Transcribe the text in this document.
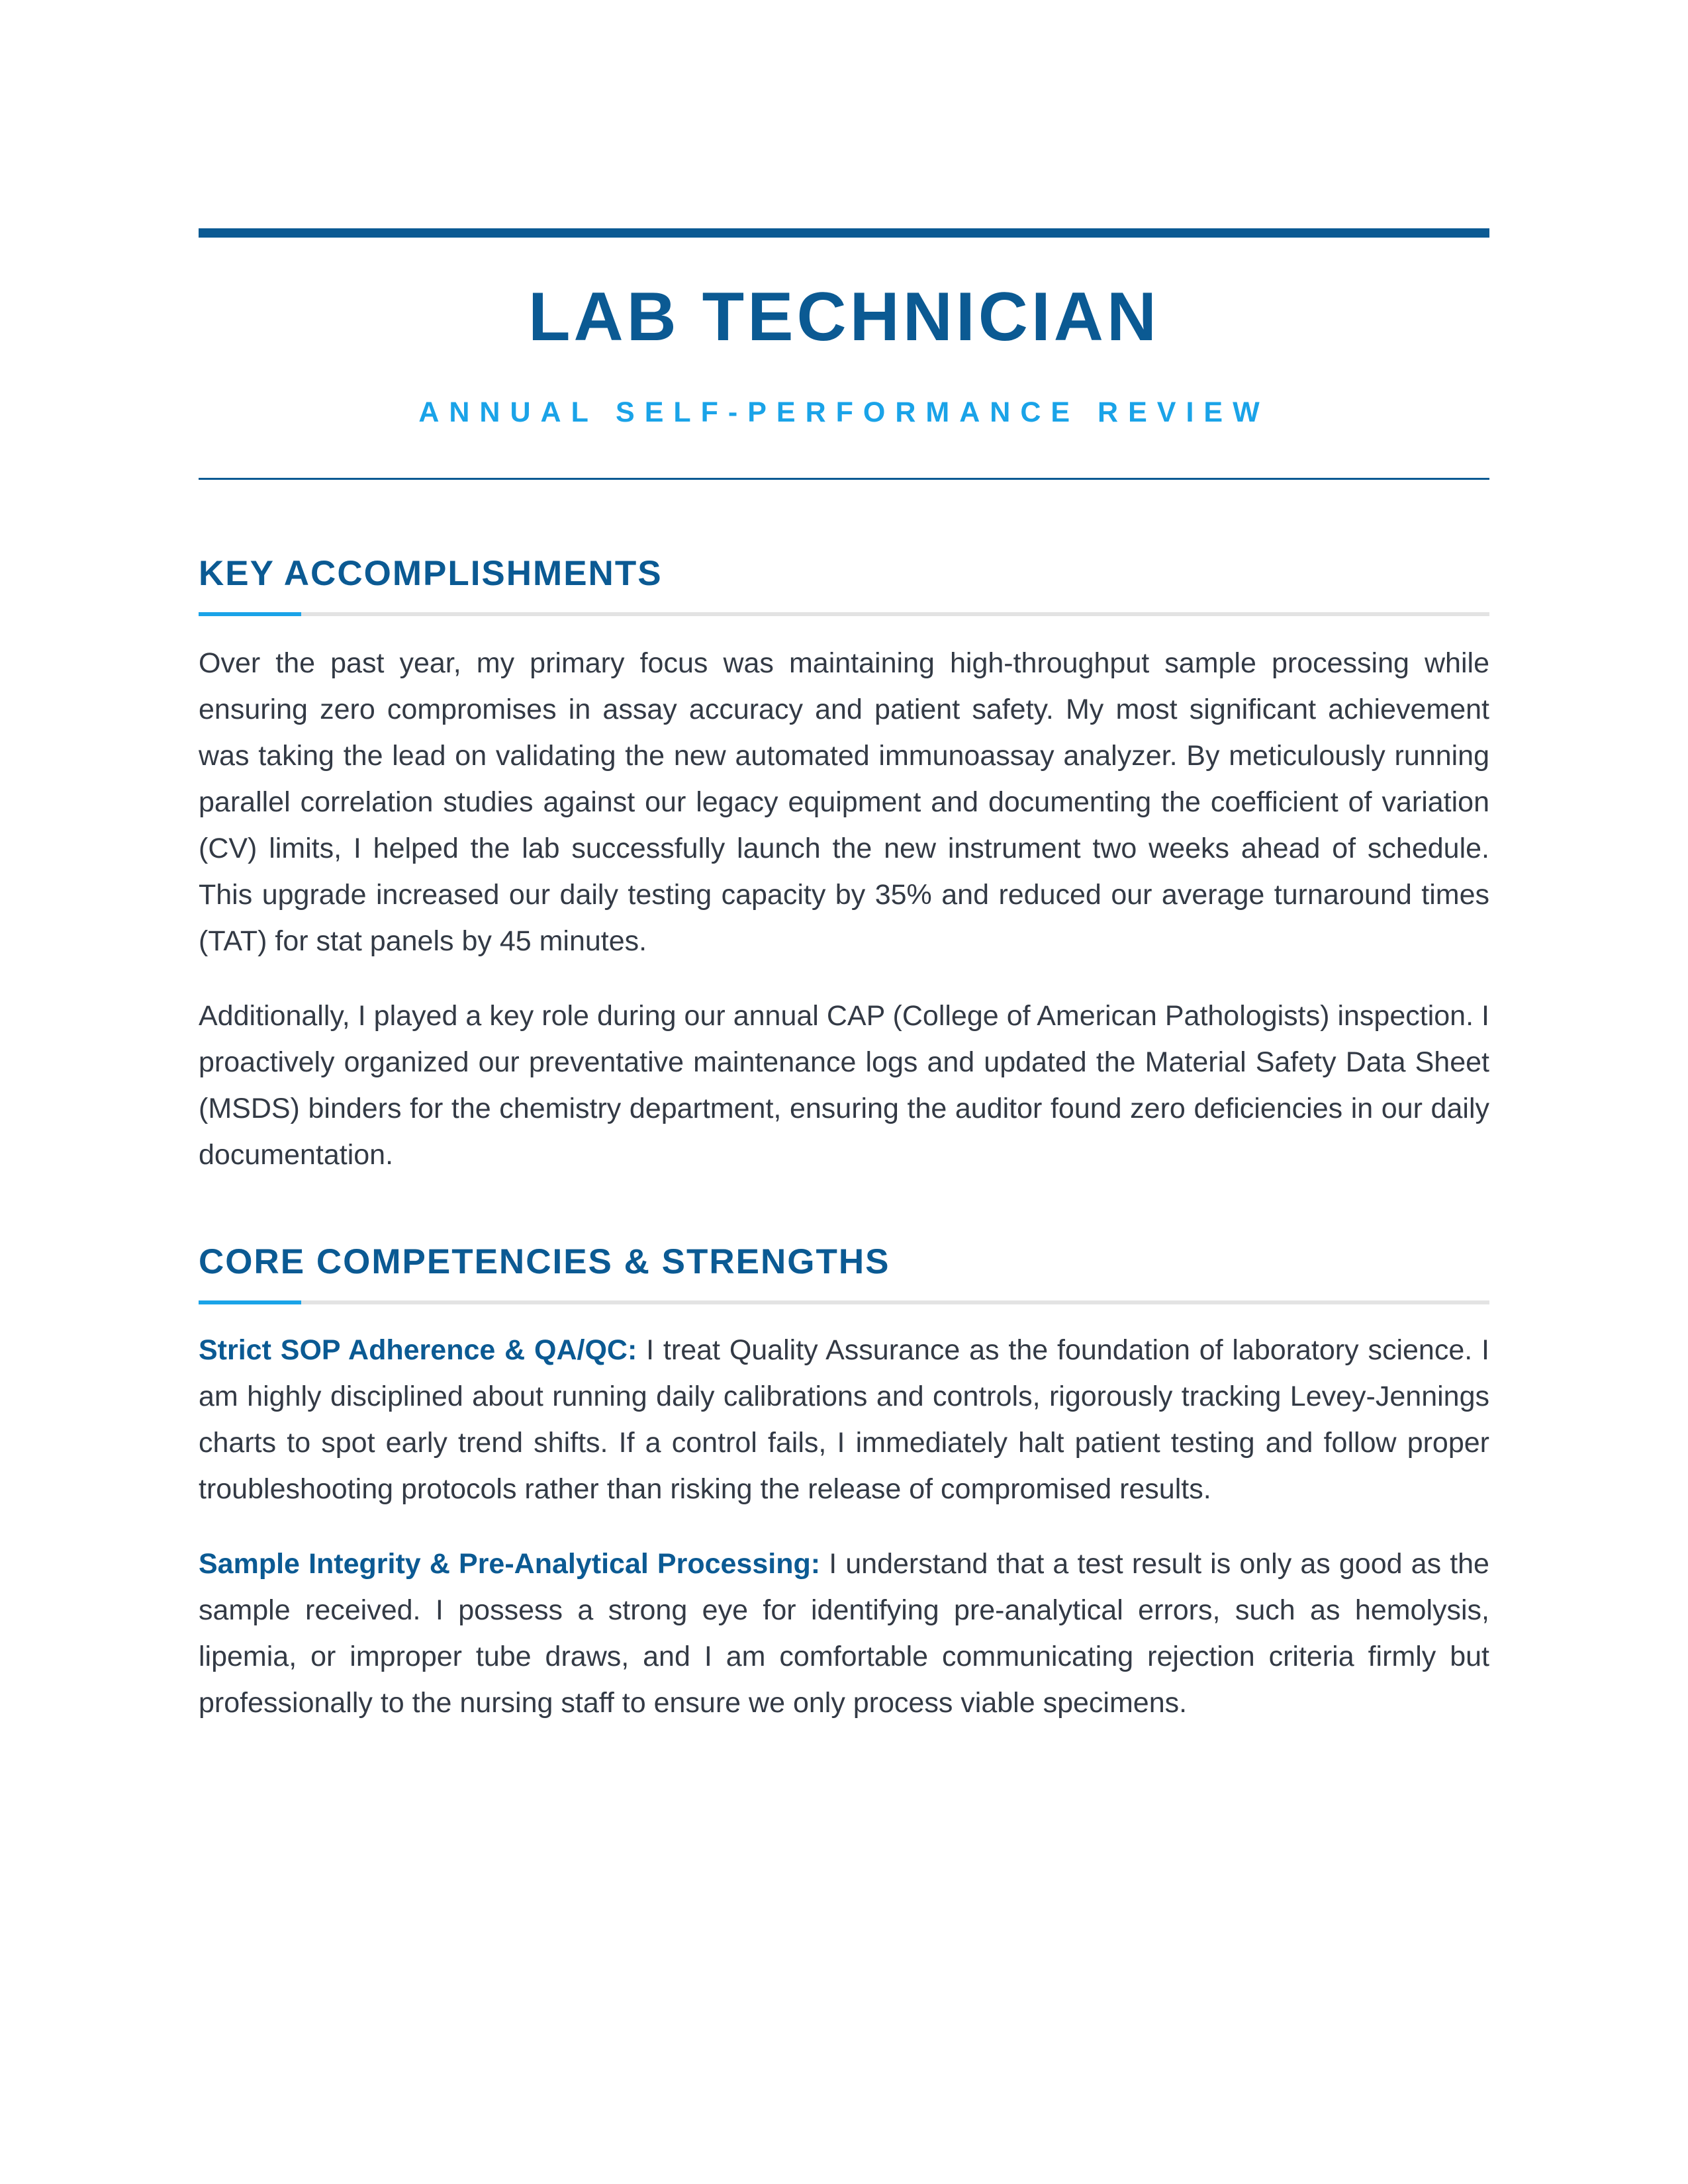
LAB TECHNICIAN
ANNUAL SELF-PERFORMANCE REVIEW
KEY ACCOMPLISHMENTS

Over the past year, my primary focus was maintaining high-throughput sample processing while ensuring zero compromises in assay accuracy and patient safety. My most significant achievement was taking the lead on validating the new automated immunoassay analyzer. By meticulously running parallel correlation studies against our legacy equipment and documenting the coefficient of variation (CV) limits, I helped the lab successfully launch the new instrument two weeks ahead of schedule. This upgrade increased our daily testing capacity by 35% and reduced our average turnaround times (TAT) for stat panels by 45 minutes.

Additionally, I played a key role during our annual CAP (College of American Pathologists) inspection. I proactively organized our preventative maintenance logs and updated the Material Safety Data Sheet (MSDS) binders for the chemistry department, ensuring the auditor found zero deficiencies in our daily documentation.

CORE COMPETENCIES & STRENGTHS

Strict SOP Adherence & QA/QC: I treat Quality Assurance as the foundation of laboratory science. I am highly disciplined about running daily calibrations and controls, rigorously tracking Levey-Jennings charts to spot early trend shifts. If a control fails, I immediately halt patient testing and follow proper troubleshooting protocols rather than risking the release of compromised results.

Sample Integrity & Pre-Analytical Processing: I understand that a test result is only as good as the sample received. I possess a strong eye for identifying pre-analytical errors, such as hemolysis, lipemia, or improper tube draws, and I am comfortable communicating rejection criteria firmly but professionally to the nursing staff to ensure we only process viable specimens.
